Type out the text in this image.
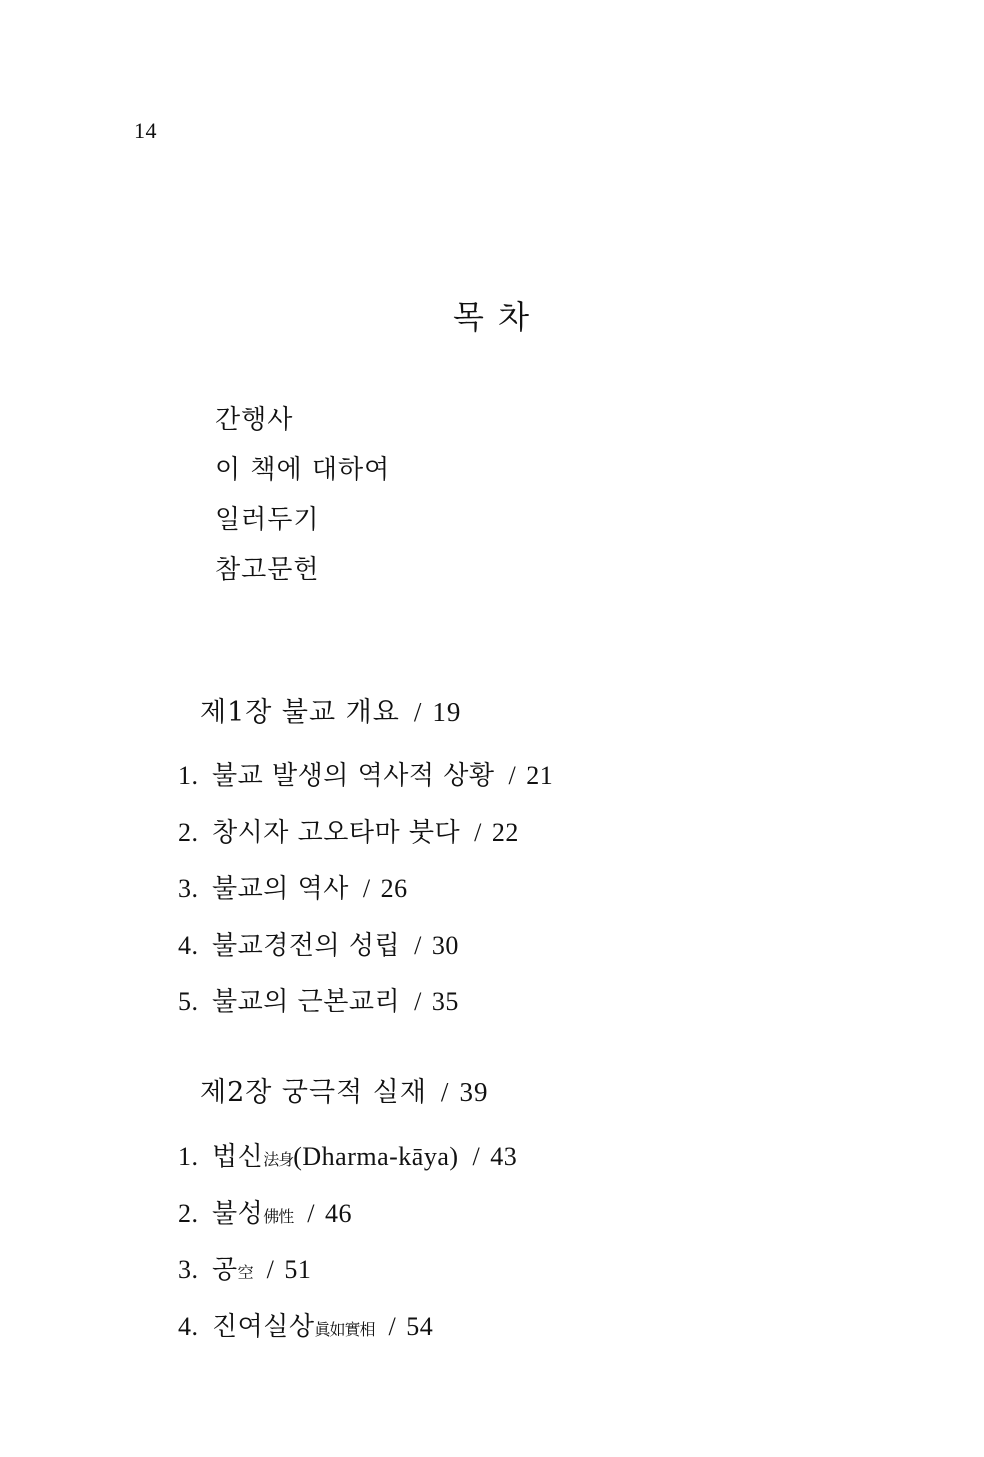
14
목 차
간행사
이 책에 대하여
일러두기
참고문헌
제1장 불교 개요 / 19
1. 불교 발생의 역사적 상황 / 21
2. 창시자 고오타마 붓다 / 22
3. 불교의 역사 / 26
4. 불교경전의 성립 / 30
5. 불교의 근본교리 / 35
제2장 궁극적 실재 / 39
1. 법신法身(Dharma-kāya) / 43
2. 불성佛性 / 46
3. 공空 / 51
4. 진여실상眞如實相 / 54
